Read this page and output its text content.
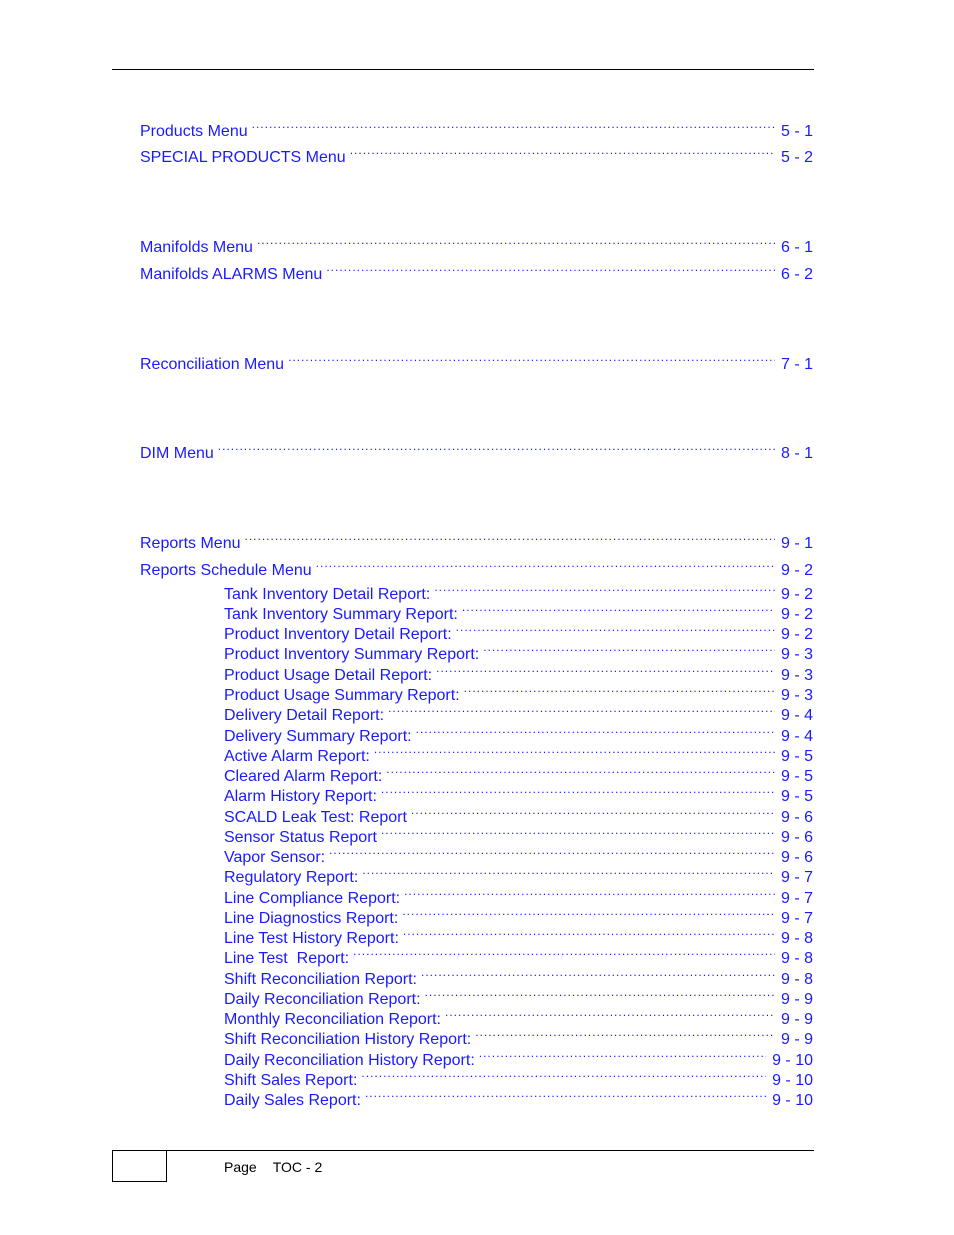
Products Menu .....	5 - 1
SPECIAL PRODUCTS Menu .....	5 - 2
Manifolds Menu .....	6 - 1
Manifolds ALARMS Menu .....	6 - 2
Reconciliation Menu .....	7 - 1
DIM Menu .....	8 - 1
Reports Menu .....	9 - 1
Reports Schedule Menu .....	9 - 2
Tank Inventory Detail Report: .....	9 - 2
Tank Inventory Summary Report: .....	9 - 2
Product Inventory Detail Report: .....	9 - 2
Product Inventory Summary Report: .....	9 - 3
Product Usage Detail Report: .....	9 - 3
Product Usage Summary Report: .....	9 - 3
Delivery Detail Report: .....	9 - 4
Delivery Summary Report: .....	9 - 4
Active Alarm Report: .....	9 - 5
Cleared Alarm Report: .....	9 - 5
Alarm History Report: .....	9 - 5
SCALD Leak Test: Report .....	9 - 6
Sensor Status Report .....	9 - 6
Vapor Sensor: .....	9 - 6
Regulatory Report: .....	9 - 7
Line Compliance Report: .....	9 - 7
Line Diagnostics Report: .....	9 - 7
Line Test History Report: .....	9 - 8
Line Test  Report: .....	9 - 8
Shift Reconciliation Report: .....	9 - 8
Daily Reconciliation Report: .....	9 - 9
Monthly Reconciliation Report: .....	9 - 9
Shift Reconciliation History Report: .....	9 - 9
Daily Reconciliation History Report: .....	9 - 10
Shift Sales Report: .....	9 - 10
Daily Sales Report: .....	9 - 10
Page TOC - 2
